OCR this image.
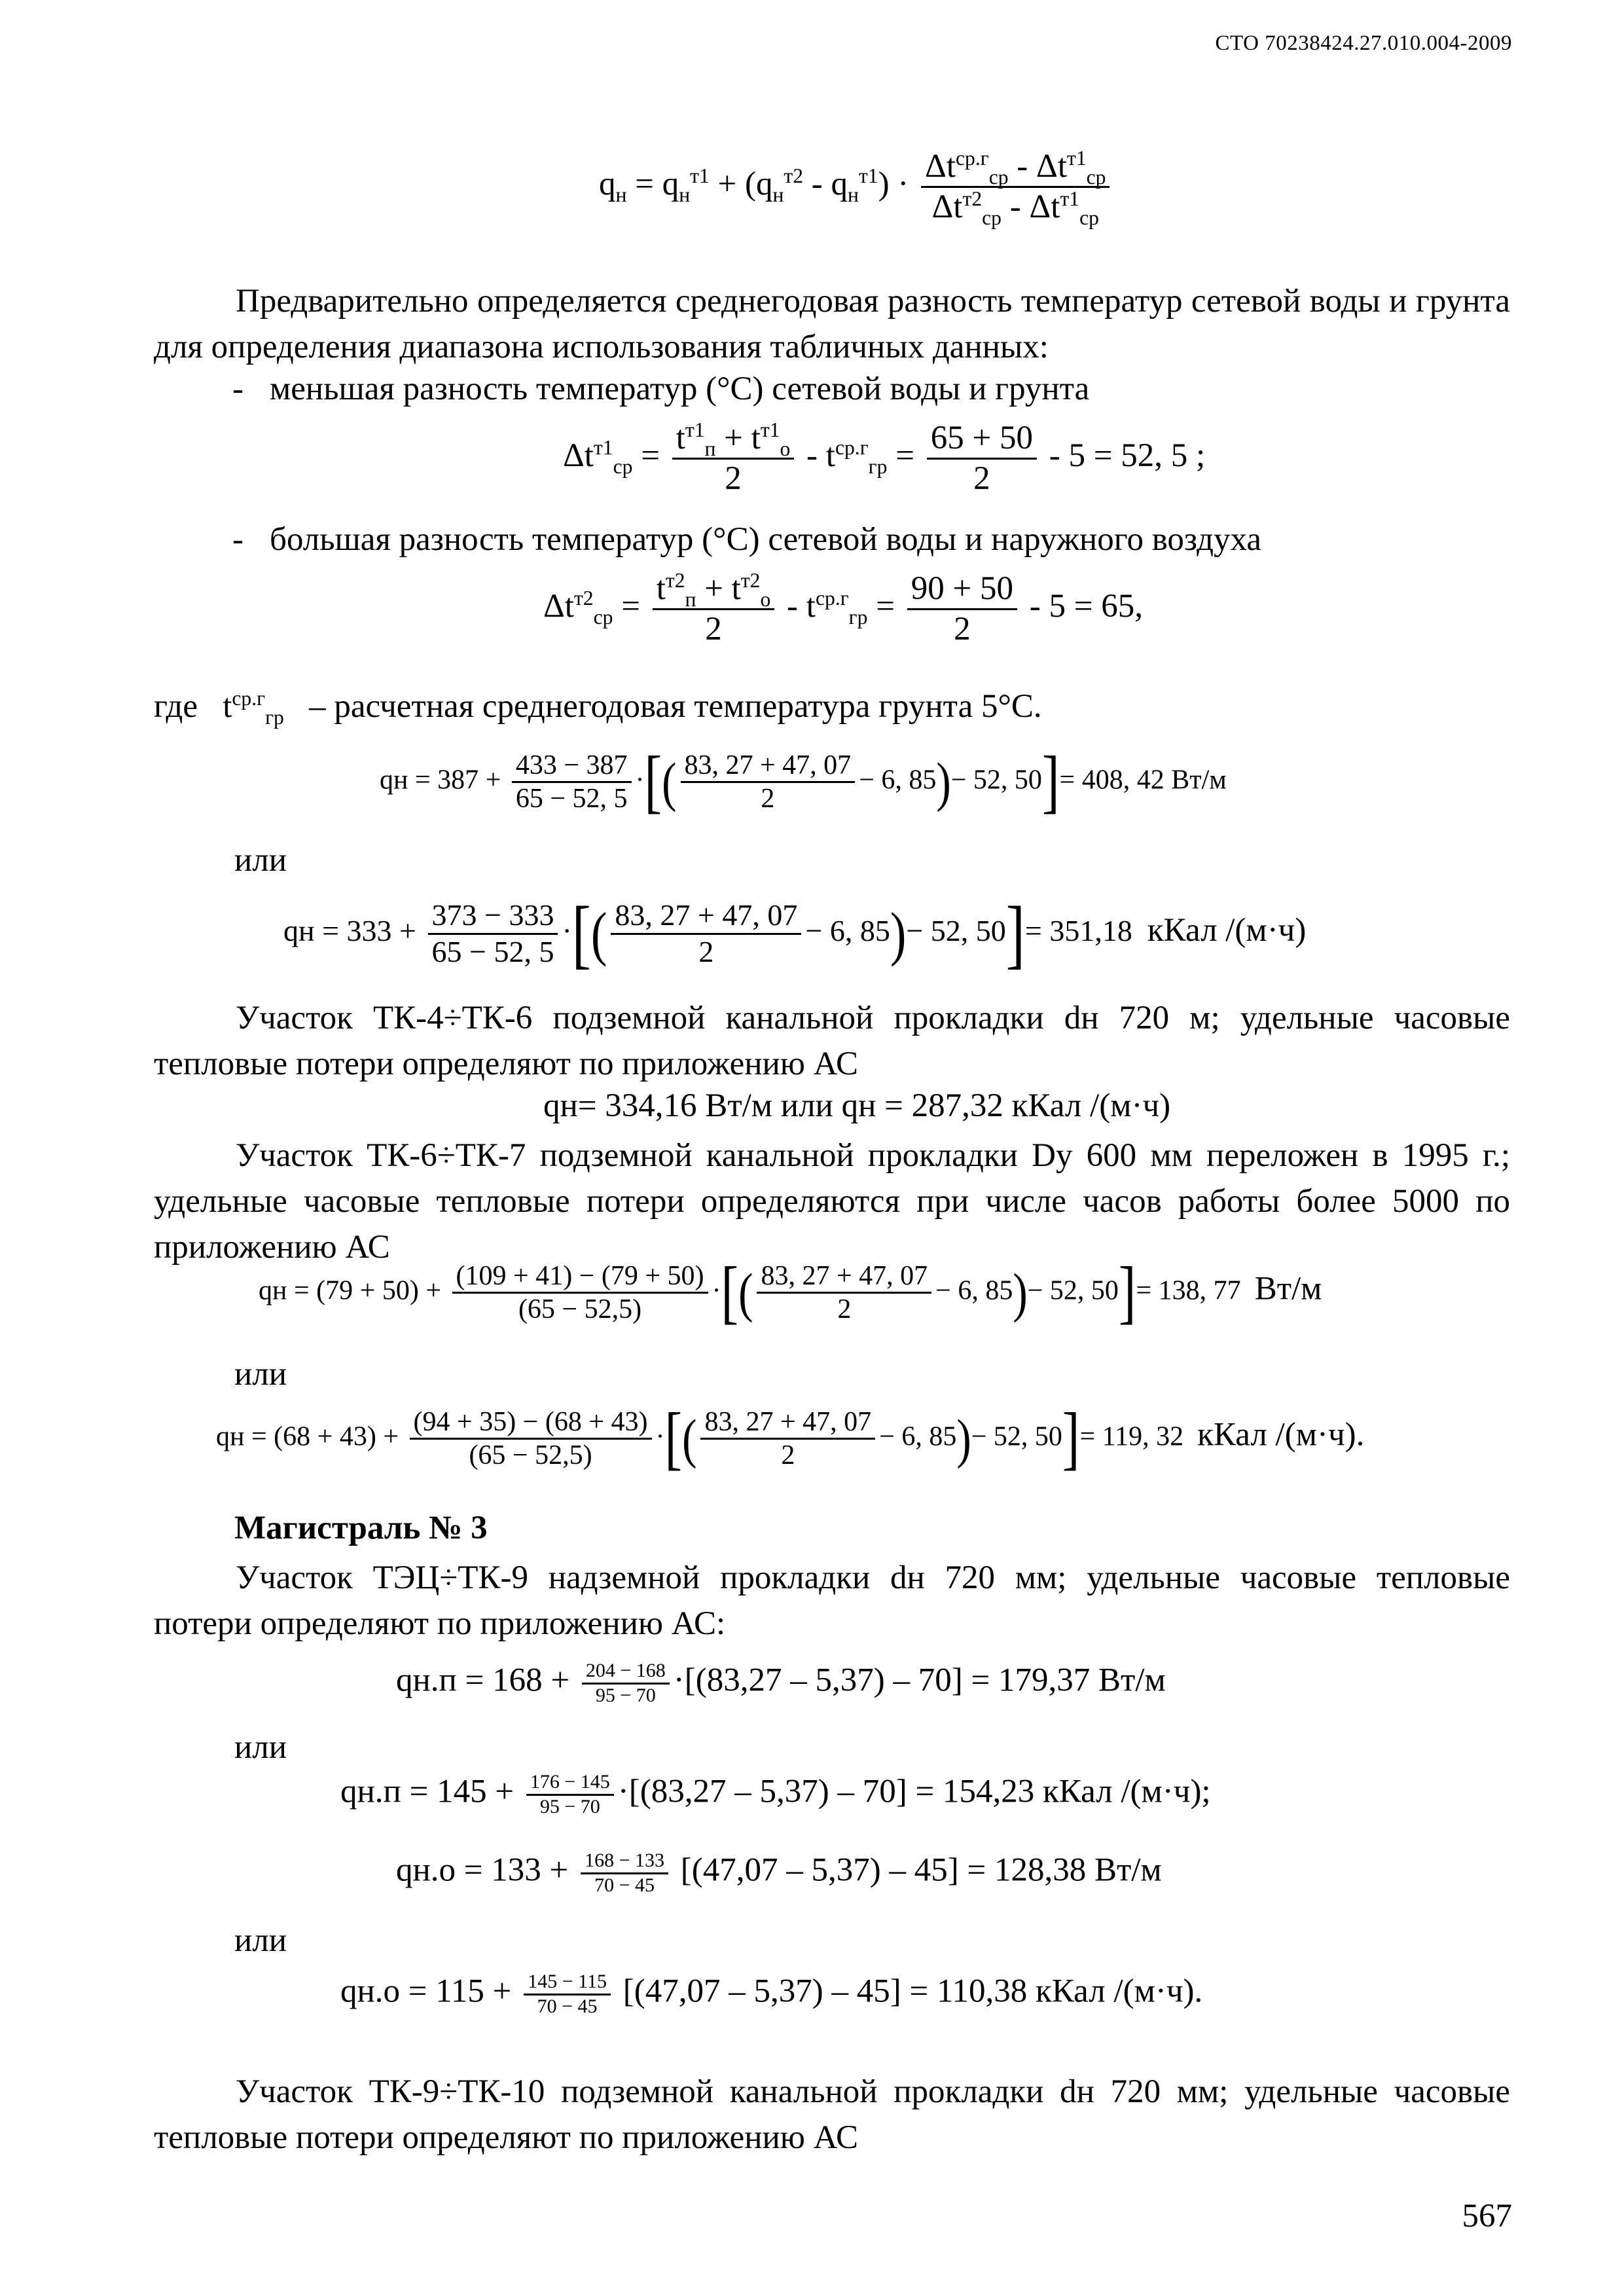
СТО 70238424.27.010.004-2009
$q_н = q_н^{т1} + (q_н^{т2} - q_н^{т1}) \cdot \Delta t^{ср.г}_{ср} - \Delta t^{т1}_{ср}$
$\Delta t^{т2}_{ср} - \Delta t^{т1}_{ср}$
Предварительно определяется среднегодовая разность температур сетевой воды и грунта для определения диапазона использования табличных данных:
- меньшая разность температур (°С) сетевой воды и грунта
$\Delta t^{т1}_{ср} = t^{т1}_п + t^{т1}_о$
2
- $t^{ср.г}_{гр} = \frac{65 + 50}{2} - 5 = 52$, 5 ;
- большая разность температур (°С) сетевой воды и наружного воздуха
$\Delta t^{т2}_{ср} = t^{т2}_п + t^{т2}_о$
2
- $t^{ср.г}_{гр} = \frac{90 + 50}{2} - 5 = 65$,
где   $t^{ср.г}_{гр}$ – расчетная среднегодовая температура грунта 5°С.
qн = $387 + \frac{433 - 387}{65 - 52, 5}$ ·[( $\frac{83, 27 + 47, 07}{2} - 6$, 85)− 52, 50]= 408, 42 Вт/м
или
qн = $333 + \frac{373 - 333}{65 - 52, 5}$ ·[( $\frac{83, 27 + 47, 07}{2} - 6$, 85)− 52, 50]= 351,18 кКал /(м·ч)
Участок ТК-4÷ТК-6 подземной канальной прокладки dн 720 м; удельные часовые тепловые потери определяют по приложению АС
qн= 334,16 Вт/м или qн = 287,32 кКал /(м·ч)
Участок ТК-6÷ТК-7 подземной канальной прокладки Dу 600 мм переложен в 1995 г.; удельные часовые тепловые потери определяются при числе часов работы более 5000 по приложению АС
qн = $(79 + 50) + \frac{(109 + 41) - (79 + 50)}{(65 - 52,5)}$ ·[( $\frac{83, 27 + 47, 07}{2} - 6$, 85)− 52, 50]= 138, 77 Вт/м
или
qн = $(68 + 43) + \frac{(94 + 35) - (68 + 43)}{(65 - 52,5)}$ ·[( $\frac{83, 27 + 47, 07}{2} - 6$, 85)− 52, 50]= 119, 32 кКал /(м·ч).
Магистраль № 3
Участок ТЭЦ÷ТК-9 надземной прокладки dн 720 мм; удельные часовые тепловые потери определяют по приложению АС:
$qн.п = 168 + \frac{204 - 168}{95 - 70} \cdot[(83,27 - 5,37) - 70] = 179,37$ Вт/м
или
$qн.п = 145 + \frac{176 - 145}{95 - 70} \cdot[(83,27 - 5,37) - 70] = 154,23$ кКал /(м·ч);
$qн.о = 133 + \frac{168 - 133}{70 - 45} [(47,07 - 5,37) - 45] = 128,38$ Вт/м
или
$qн.о = 115 + \frac{145 - 115}{70 - 45} [(47,07 - 5,37) - 45] = 110,38$ кКал /(м·ч).
Участок ТК-9÷ТК-10 подземной канальной прокладки dн 720 мм; удельные часовые тепловые потери определяют по приложению АС
567
